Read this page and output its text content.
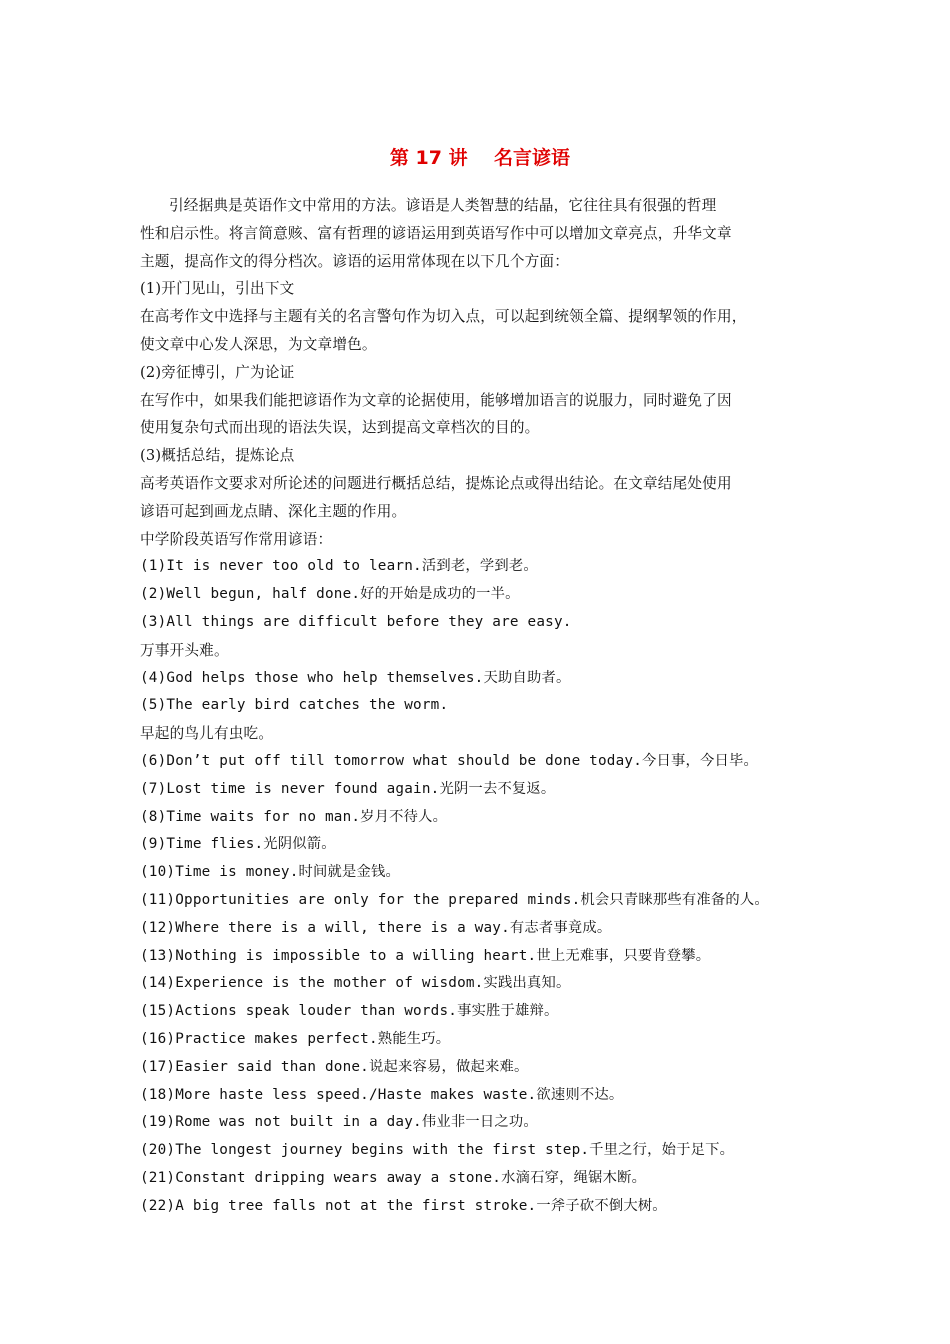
第 17 讲    名言谚语
引经据典是英语作文中常用的方法。谚语是人类智慧的结晶，它往往具有很强的哲理
性和启示性。将言简意赅、富有哲理的谚语运用到英语写作中可以增加文章亮点，升华文章
主题，提高作文的得分档次。谚语的运用常体现在以下几个方面：
(1)开门见山，引出下文
在高考作文中选择与主题有关的名言警句作为切入点，可以起到统领全篇、提纲挈领的作用，
使文章中心发人深思，为文章增色。
(2)旁征博引，广为论证
在写作中，如果我们能把谚语作为文章的论据使用，能够增加语言的说服力，同时避免了因
使用复杂句式而出现的语法失误，达到提高文章档次的目的。
(3)概括总结，提炼论点
高考英语作文要求对所论述的问题进行概括总结，提炼论点或得出结论。在文章结尾处使用
谚语可起到画龙点睛、深化主题的作用。
中学阶段英语写作常用谚语：
(1)It is never too old to learn.活到老，学到老。
(2)Well begun, half done.好的开始是成功的一半。
(3)All things are difficult before they are easy.
万事开头难。
(4)God helps those who help themselves.天助自助者。
(5)The early bird catches the worm.
早起的鸟儿有虫吃。
(6)Don’t put off till tomorrow what should be done today.今日事，今日毕。
(7)Lost time is never found again.光阴一去不复返。
(8)Time waits for no man.岁月不待人。
(9)Time flies.光阴似箭。
(10)Time is money.时间就是金钱。
(11)Opportunities are only for the prepared minds.机会只青睐那些有准备的人。
(12)Where there is a will, there is a way.有志者事竟成。
(13)Nothing is impossible to a willing heart.世上无难事，只要肯登攀。
(14)Experience is the mother of wisdom.实践出真知。
(15)Actions speak louder than words.事实胜于雄辩。
(16)Practice makes perfect.熟能生巧。
(17)Easier said than done.说起来容易，做起来难。
(18)More haste less speed./Haste makes waste.欲速则不达。
(19)Rome was not built in a day.伟业非一日之功。
(20)The longest journey begins with the first step.千里之行，始于足下。
(21)Constant dripping wears away a stone.水滴石穿，绳锯木断。
(22)A big tree falls not at the first stroke.一斧子砍不倒大树。
